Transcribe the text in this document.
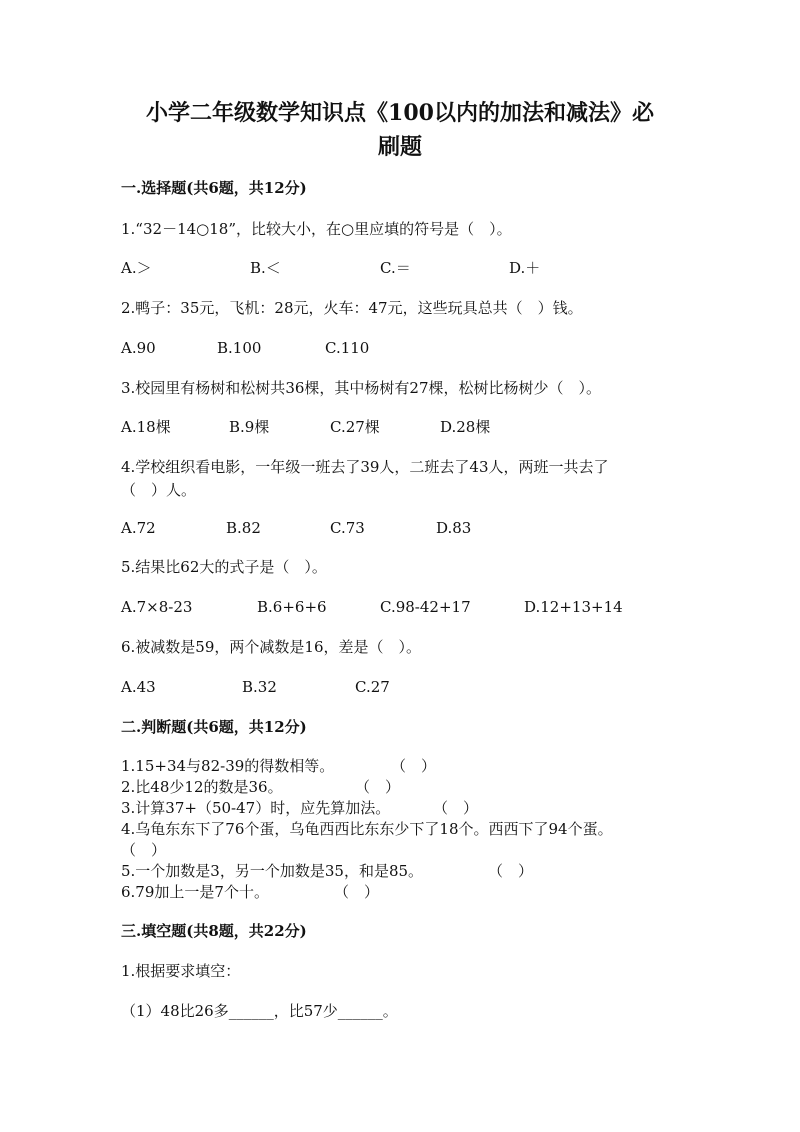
小学二年级数学知识点《100以内的加法和减法》必
刷题
一.选择题(共6题，共12分)
1.“32－14○18”，比较大小，在○里应填的符号是（　）。
A.＞	B.＜	C.＝	D.＋
2.鸭子：35元，飞机：28元，火车：47元，这些玩具总共（　）钱。
A.90	B.100	C.110
3.校园里有杨树和松树共36棵，其中杨树有27棵，松树比杨树少（　）。
A.18棵	B.9棵	C.27棵	D.28棵
4.学校组织看电影，一年级一班去了39人，二班去了43人，两班一共去了
（　）人。
A.72	B.82	C.73	D.83
5.结果比62大的式子是（　）。
A.7×8-23	B.6+6+6	C.98-42+17	D.12+13+14
6.被减数是59，两个减数是16，差是（　）。
A.43	B.32	C.27
二.判断题(共6题，共12分)
1.15+34与82-39的得数相等。	（　）
2.比48少12的数是36。	（　）
3.计算37+（50-47）时，应先算加法。	（　）
4.乌龟东东下了76个蛋，乌龟西西比东东少下了18个。西西下了94个蛋。
（　）
5.一个加数是3，另一个加数是35，和是85。	（　）
6.79加上一是7个十。	（　）
三.填空题(共8题，共22分)
1.根据要求填空：
（1）48比26多______，比57少______。
